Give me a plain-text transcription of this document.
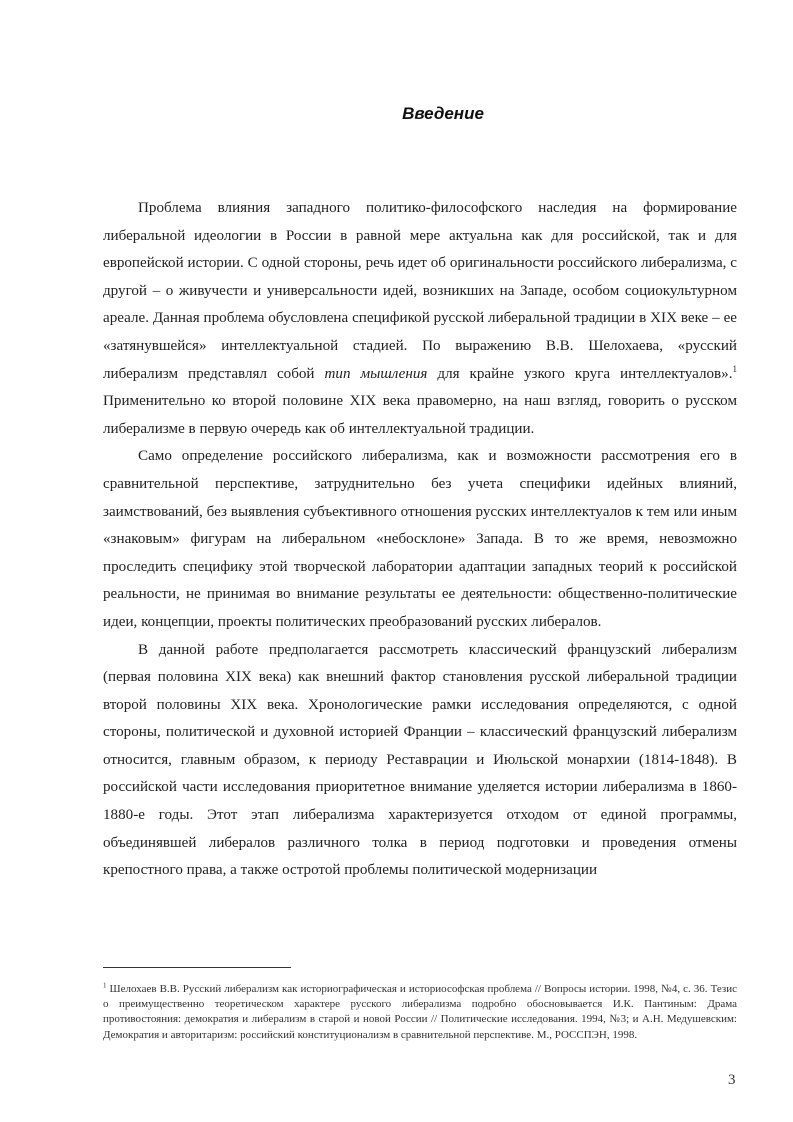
Введение

Проблема влияния западного политико-философского наследия на формирование либеральной идеологии в России в равной мере актуальна как для российской, так и для европейской истории. С одной стороны, речь идет об оригинальности российского либерализма, с другой – о живучести и универсальности идей, возникших на Западе, особом социокультурном ареале. Данная проблема обусловлена спецификой русской либеральной традиции в XIX веке – ее «затянувшейся» интеллектуальной стадией. По выражению В.В. Шелохаева, «русский либерализм представлял собой тип мышления для крайне узкого круга интеллектуалов».$^1$ Применительно ко второй половине XIX века правомерно, на наш взгляд, говорить о русском либерализме в первую очередь как об интеллектуальной традиции.

Само определение российского либерализма, как и возможности рассмотрения его в сравнительной перспективе, затруднительно без учета специфики идейных влияний, заимствований, без выявления субъективного отношения русских интеллектуалов к тем или иным «знаковым» фигурам на либеральном «небосклоне» Запада. В то же время, невозможно проследить специфику этой творческой лаборатории адаптации западных теорий к российской реальности, не принимая во внимание результаты ее деятельности: общественно-политические идеи, концепции, проекты политических преобразований русских либералов.

В данной работе предполагается рассмотреть классический французский либерализм (первая половина XIX века) как внешний фактор становления русской либеральной традиции второй половины XIX века. Хронологические рамки исследования определяются, с одной стороны, политической и духовной историей Франции – классический французский либерализм относится, главным образом, к периоду Реставрации и Июльской монархии (1814-1848). В российской части исследования приоритетное внимание уделяется истории либерализма в 1860-1880-е годы. Этот этап либерализма характеризуется отходом от единой программы, объединявшей либералов различного толка в период подготовки и проведения отмены крепостного права, а также остротой проблемы политической модернизации

$^1$ Шелохаев В.В. Русский либерализм как историографическая и историософская проблема // Вопросы истории. 1998, №4, с. 36. Тезис о преимущественно теоретическом характере русского либерализма подробно обосновывается И.К. Пантиным: Драма противостояния: демократия и либерализм в старой и новой России // Политические исследования. 1994, №3; и А.Н. Медушевским: Демократия и авторитаризм: российский конституционализм в сравнительной перспективе. М., РОССПЭН, 1998.
3
